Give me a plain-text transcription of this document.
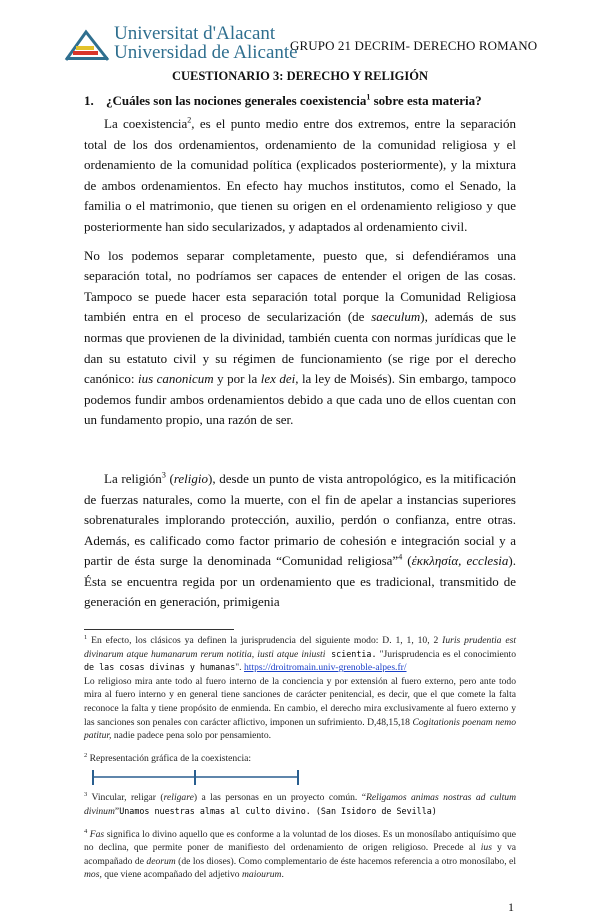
Universitat d'Alacant
Universidad de Alicante
GRUPO 21 DECRIM- DERECHO ROMANO
CUESTIONARIO 3: DERECHO Y RELIGIÓN
1. ¿Cuáles son las nociones generales coexistencia$^1$ sobre esta materia?
La coexistencia$^2$, es el punto medio entre dos extremos, entre la separación total de los dos ordenamientos, ordenamiento de la comunidad religiosa y el ordenamiento de la comunidad política (explicados posteriormente), y la mixtura de ambos ordenamientos. En efecto hay muchos institutos, como el Senado, la familia o el matrimonio, que tienen su origen en el ordenamiento religioso y que posteriormente han sido secularizados, y adaptados al ordenamiento civil.
No los podemos separar completamente, puesto que, si defendiéramos una separación total, no podríamos ser capaces de entender el origen de las cosas. Tampoco se puede hacer esta separación total porque la Comunidad Religiosa también entra en el proceso de secularización (de saeculum), además de sus normas que provienen de la divinidad, también cuenta con normas jurídicas que le dan su estatuto civil y su régimen de funcionamiento (se rige por el derecho canónico: ius canonicum y por la lex dei, la ley de Moisés). Sin embargo, tampoco podemos fundir ambos ordenamientos debido a que cada uno de ellos cuentan con un fundamento propio, una razón de ser.
La religión$^3$ (religio), desde un punto de vista antropológico, es la mitificación de fuerzas naturales, como la muerte, con el fin de apelar a instancias superiores sobrenaturales implorando protección, auxilio, perdón o confianza, entre otras. Además, es calificado como factor primario de cohesión e integración social y a partir de ésta surge la denominada “Comunidad religiosa”$^4$ (ἐκκλησία, ecclesia). Ésta se encuentra regida por un ordenamiento que es tradicional, transmitido de generación en generación, primigenia
$^1$ En efecto, los clásicos ya definen la jurisprudencia del siguiente modo: D. 1, 1, 10, 2 Iuris prudentia est divinarum atque humanarum rerum notitia, iusti atque iniusti scientia. "Jurisprudencia es el conocimiento de las cosas divinas y humanas". https://droitromain.univ-grenoble-alpes.fr/
Lo religioso mira ante todo al fuero interno de la conciencia y por extensión al fuero externo, pero ante todo mira al fuero interno y en general tiene sanciones de carácter penitencial, es decir, que el que comete la falta reconoce la falta y tiene propósito de enmienda. En cambio, el derecho mira exclusivamente al fuero externo y las sanciones son penales con carácter aflictivo, imponen un sufrimiento. D,48,15,18 Cogitationis poenam nemo patitur, nadie padece pena solo por pensamiento.
$^2$ Representación gráfica de la coexistencia:
$^3$ Vincular, religar (religare) a las personas en un proyecto común. “Religamos animas nostras ad cultum divinum”Unamos nuestras almas al culto divino. (San Isidoro de Sevilla)
$^4$ Fas significa lo divino aquello que es conforme a la voluntad de los dioses. Es un monosílabo antiquísimo que no declina, que permite poner de manifiesto del ordenamiento de origen religioso. Precede al ius y va acompañado de deorum (de los dioses). Como complementario de éste hacemos referencia a otro monosílabo, el mos, que viene acompañado del adjetivo maiourum.
1
